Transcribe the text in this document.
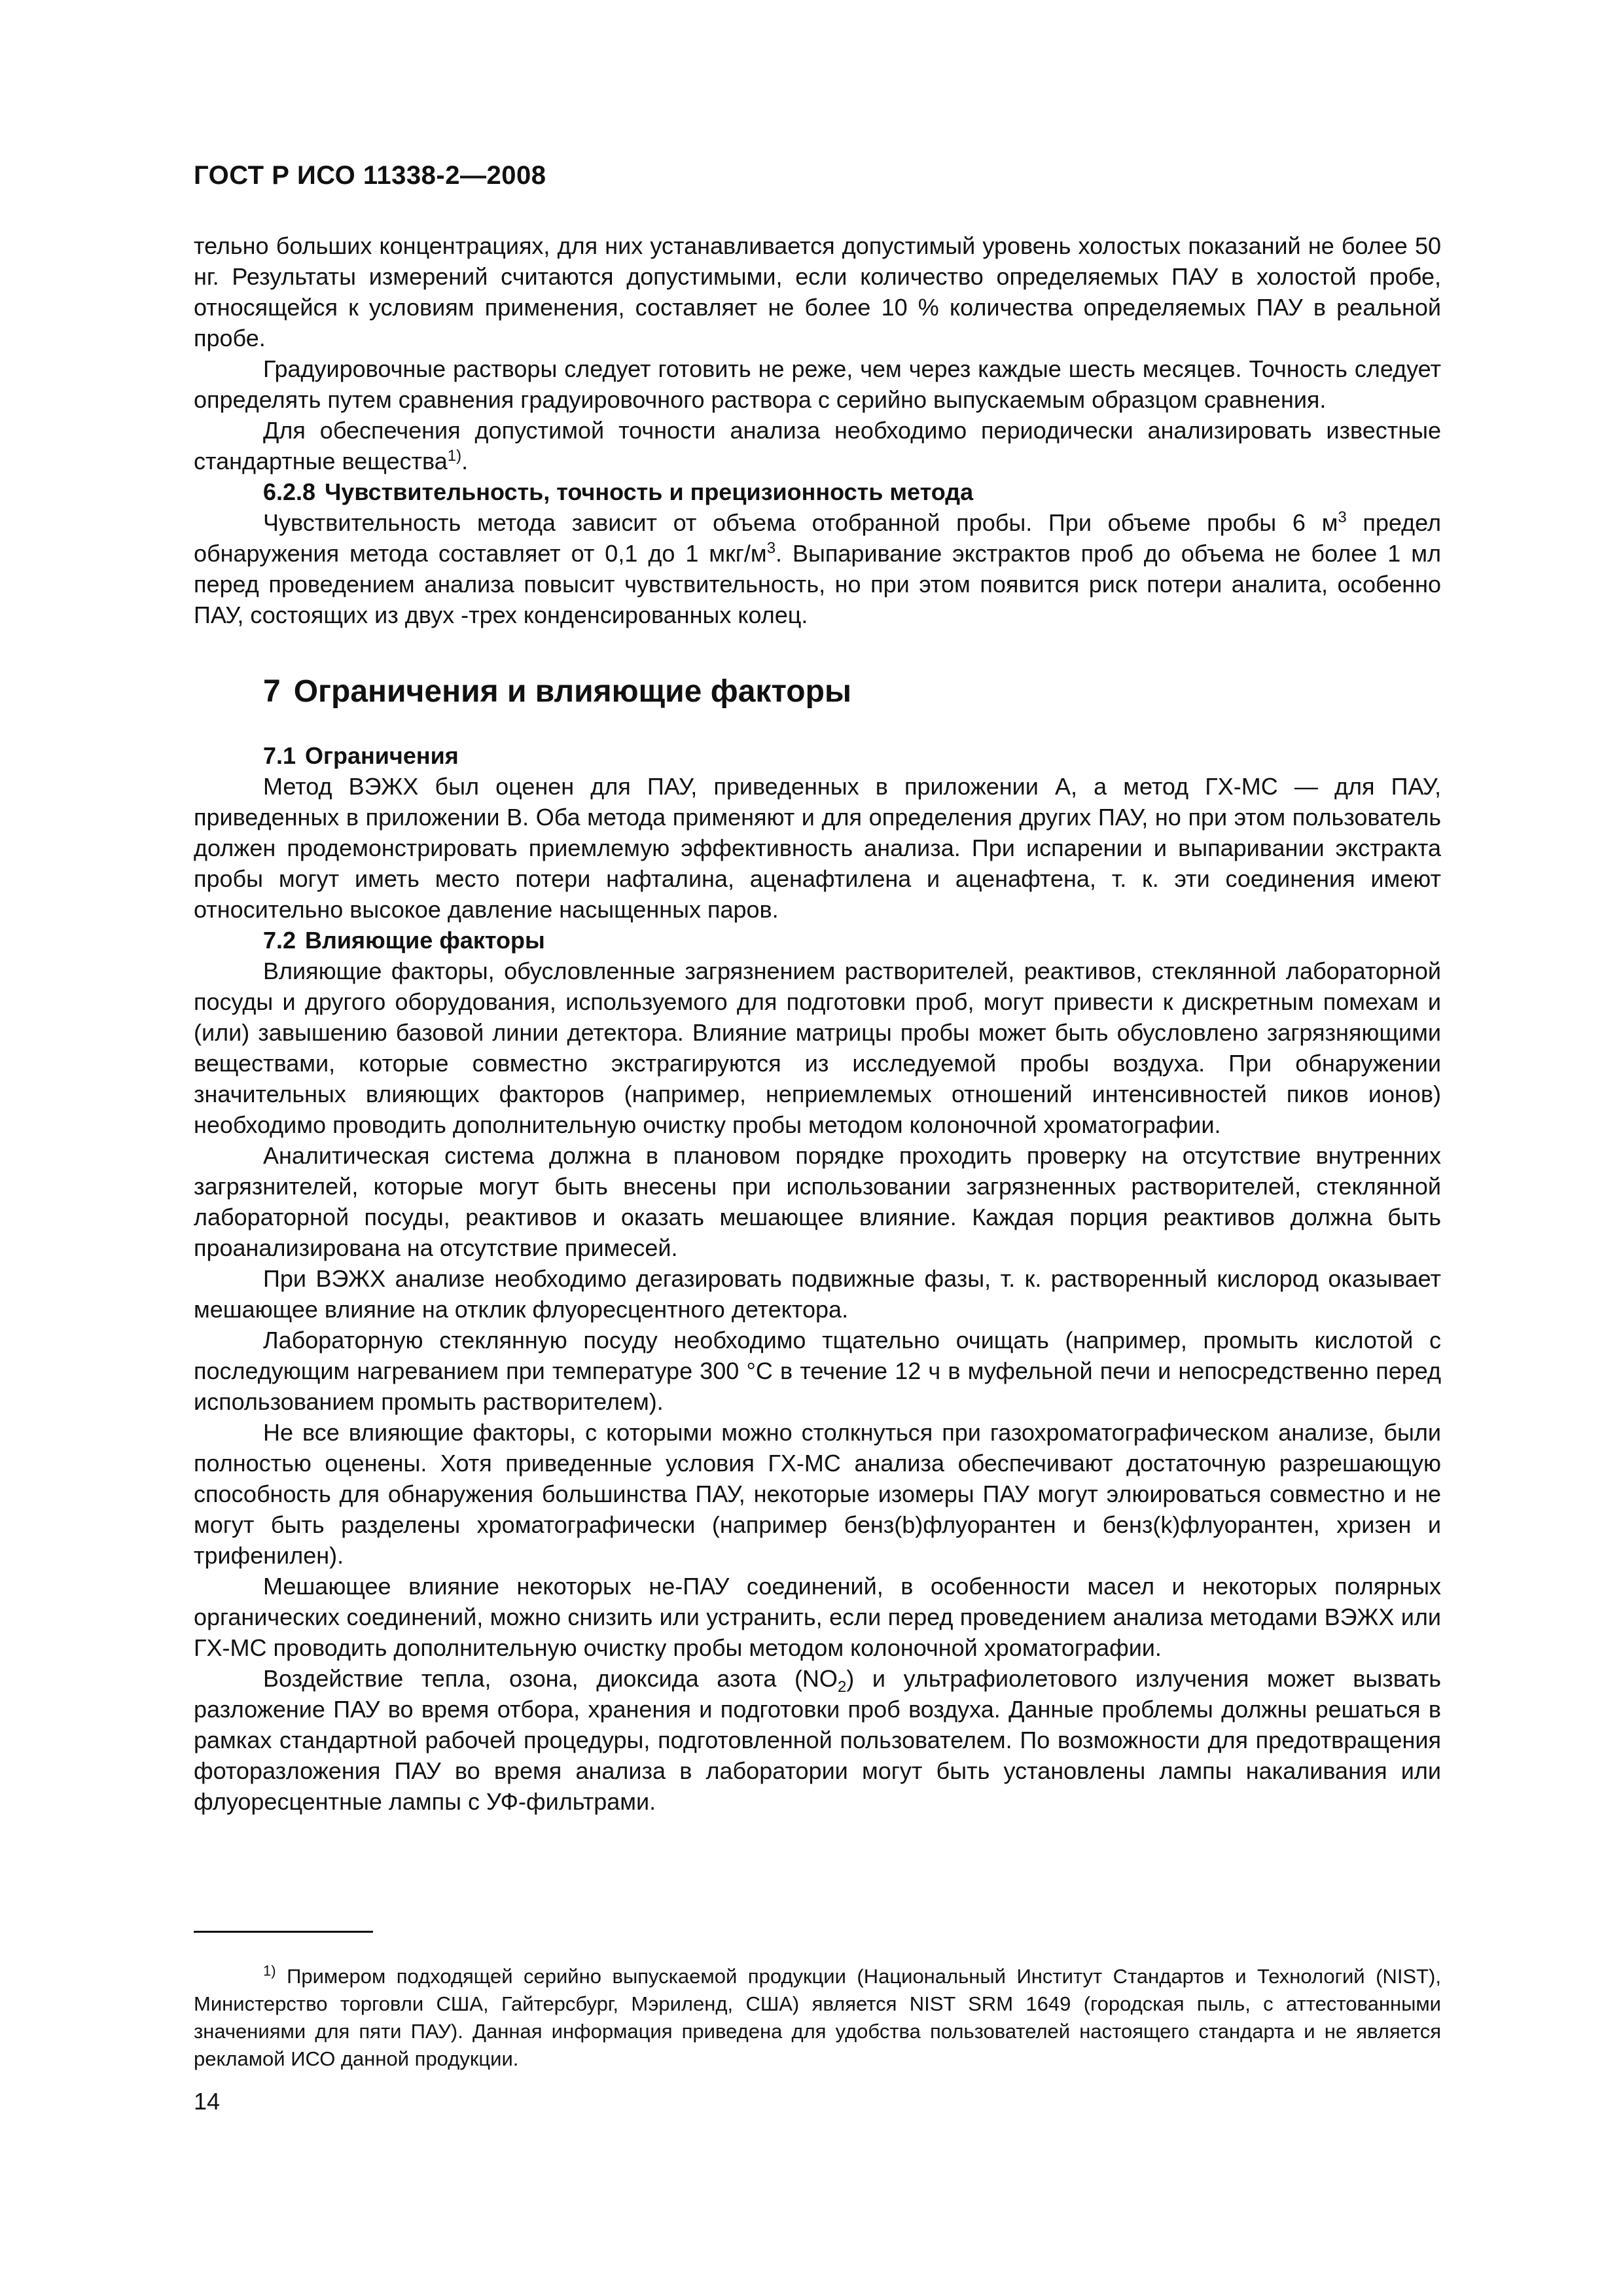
ГОСТ Р ИСО 11338-2—2008

тельно больших концентрациях, для них устанавливается допустимый уровень холостых показаний не более 50 нг. Результаты измерений считаются допустимыми, если количество определяемых ПАУ в холостой пробе, относящейся к условиям применения, составляет не более 10 % количества определяемых ПАУ в реальной пробе.

Градуировочные растворы следует готовить не реже, чем через каждые шесть месяцев. Точность следует определять путем сравнения градуировочного раствора с серийно выпускаемым образцом сравнения.

Для обеспечения допустимой точности анализа необходимо периодически анализировать известные стандартные вещества$^{1)}$.

6.2.8 Чувствительность, точность и прецизионность метода

Чувствительность метода зависит от объема отобранной пробы. При объеме пробы 6 $м^3$ предел обнаружения метода составляет от 0,1 до 1 мкг/$м^3$. Выпаривание экстрактов проб до объема не более 1 мл перед проведением анализа повысит чувствительность, но при этом появится риск потери аналита, особенно ПАУ, состоящих из двух -трех конденсированных колец.

7 Ограничения и влияющие факторы
7.1 Ограничения

Метод ВЭЖХ был оценен для ПАУ, приведенных в приложении А, а метод ГХ-МС — для ПАУ, приведенных в приложении В. Оба метода применяют и для определения других ПАУ, но при этом пользователь должен продемонстрировать приемлемую эффективность анализа. При испарении и выпаривании экстракта пробы могут иметь место потери нафталина, аценафтилена и аценафтена, т. к. эти соединения имеют относительно высокое давление насыщенных паров.

7.2 Влияющие факторы

Влияющие факторы, обусловленные загрязнением растворителей, реактивов, стеклянной лабораторной посуды и другого оборудования, используемого для подготовки проб, могут привести к дискретным помехам и (или) завышению базовой линии детектора. Влияние матрицы пробы может быть обусловлено загрязняющими веществами, которые совместно экстрагируются из исследуемой пробы воздуха. При обнаружении значительных влияющих факторов (например, неприемлемых отношений интенсивностей пиков ионов) необходимо проводить дополнительную очистку пробы методом колоночной хроматографии.

Аналитическая система должна в плановом порядке проходить проверку на отсутствие внутренних загрязнителей, которые могут быть внесены при использовании загрязненных растворителей, стеклянной лабораторной посуды, реактивов и оказать мешающее влияние. Каждая порция реактивов должна быть проанализирована на отсутствие примесей.

При ВЭЖХ анализе необходимо дегазировать подвижные фазы, т. к. растворенный кислород оказывает мешающее влияние на отклик флуоресцентного детектора.

Лабораторную стеклянную посуду необходимо тщательно очищать (например, промыть кислотой с последующим нагреванием при температуре 300 °С в течение 12 ч в муфельной печи и непосредственно перед использованием промыть растворителем).

Не все влияющие факторы, с которыми можно столкнуться при газохроматографическом анализе, были полностью оценены. Хотя приведенные условия ГХ-МС анализа обеспечивают достаточную разрешающую способность для обнаружения большинства ПАУ, некоторые изомеры ПАУ могут элюироваться совместно и не могут быть разделены хроматографически (например бенз(b)флуорантен и бенз(k)флуорантен, хризен и трифенилен).

Мешающее влияние некоторых не-ПАУ соединений, в особенности масел и некоторых полярных органических соединений, можно снизить или устранить, если перед проведением анализа методами ВЭЖХ или ГХ-МС проводить дополнительную очистку пробы методом колоночной хроматографии.

Воздействие тепла, озона, диоксида азота $(NO_2)$ и ультрафиолетового излучения может вызвать разложение ПАУ во время отбора, хранения и подготовки проб воздуха. Данные проблемы должны решаться в рамках стандартной рабочей процедуры, подготовленной пользователем. По возможности для предотвращения фоторазложения ПАУ во время анализа в лаборатории могут быть установлены лампы накаливания или флуоресцентные лампы с УФ-фильтрами.

$^{1)}$ Примером подходящей серийно выпускаемой продукции (Национальный Институт Стандартов и Технологий (NIST), Министерство торговли США, Гайтерсбург, Мэриленд, США) является NIST SRM 1649 (городская пыль, с аттестованными значениями для пяти ПАУ). Данная информация приведена для удобства пользователей настоящего стандарта и не является рекламой ИСО данной продукции.

14
